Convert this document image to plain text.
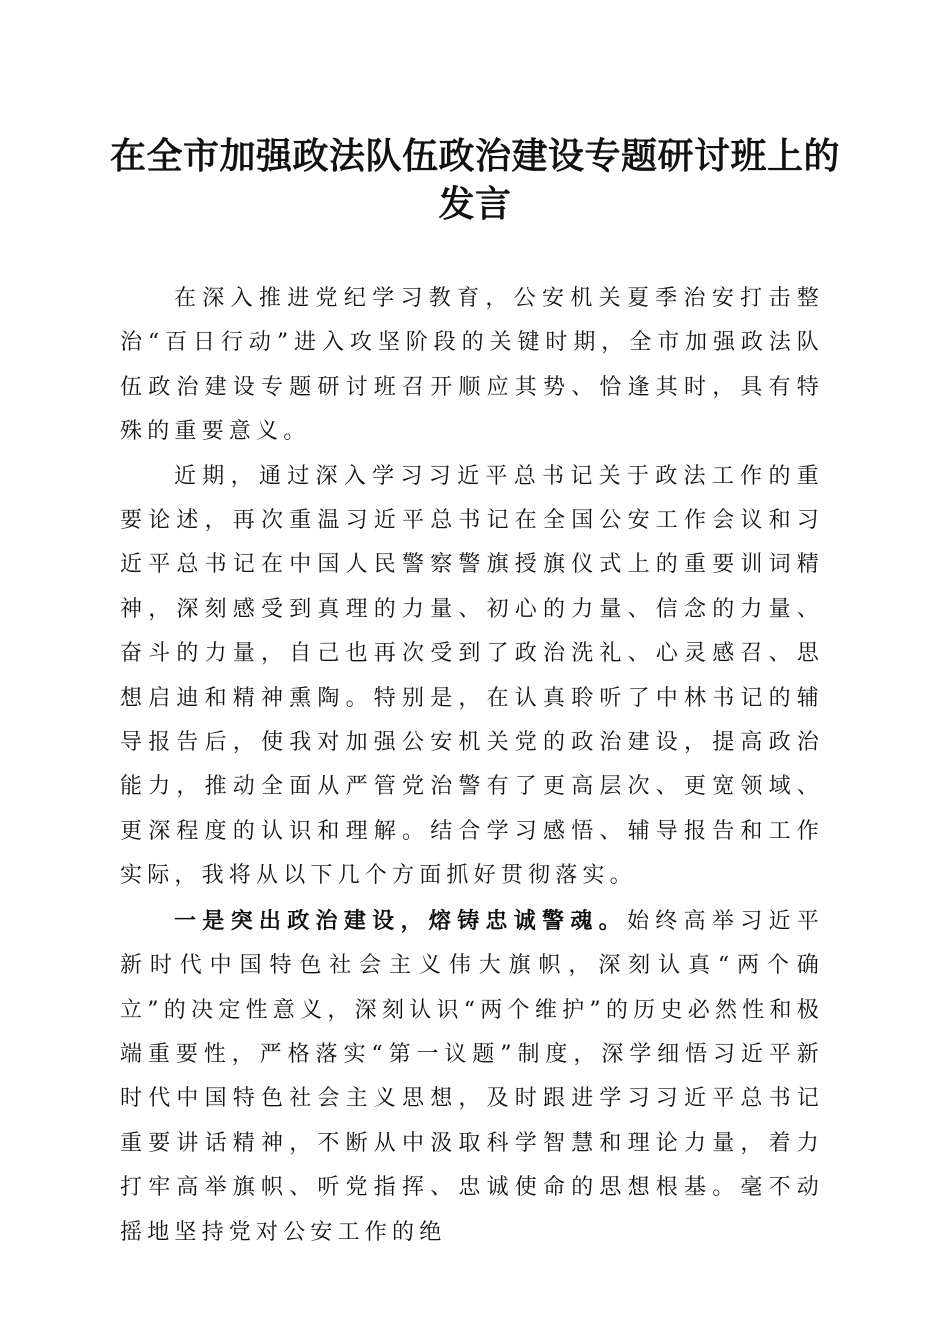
在全市加强政法队伍政治建设专题研讨班上的
发言

在深入推进党纪学习教育，公安机关夏季治安打击整治“百日行动”进入攻坚阶段的关键时期，全市加强政法队伍政治建设专题研讨班召开顺应其势、恰逢其时，具有特殊的重要意义。

近期，通过深入学习习近平总书记关于政法工作的重要论述，再次重温习近平总书记在全国公安工作会议和习近平总书记在中国人民警察警旗授旗仪式上的重要训词精神，深刻感受到真理的力量、初心的力量、信念的力量、奋斗的力量，自己也再次受到了政治洗礼、心灵感召、思想启迪和精神熏陶。特别是，在认真聆听了中林书记的辅导报告后，使我对加强公安机关党的政治建设，提高政治能力，推动全面从严管党治警有了更高层次、更宽领域、更深程度的认识和理解。结合学习感悟、辅导报告和工作实际，我将从以下几个方面抓好贯彻落实。

一是突出政治建设，熔铸忠诚警魂。始终高举习近平新时代中国特色社会主义伟大旗帜，深刻认真“两个确立”的决定性意义，深刻认识“两个维护”的历史必然性和极端重要性，严格落实“第一议题”制度，深学细悟习近平新时代中国特色社会主义思想，及时跟进学习习近平总书记重要讲话精神，不断从中汲取科学智慧和理论力量，着力打牢高举旗帜、听党指挥、忠诚使命的思想根基。毫不动摇地坚持党对公安工作的绝
